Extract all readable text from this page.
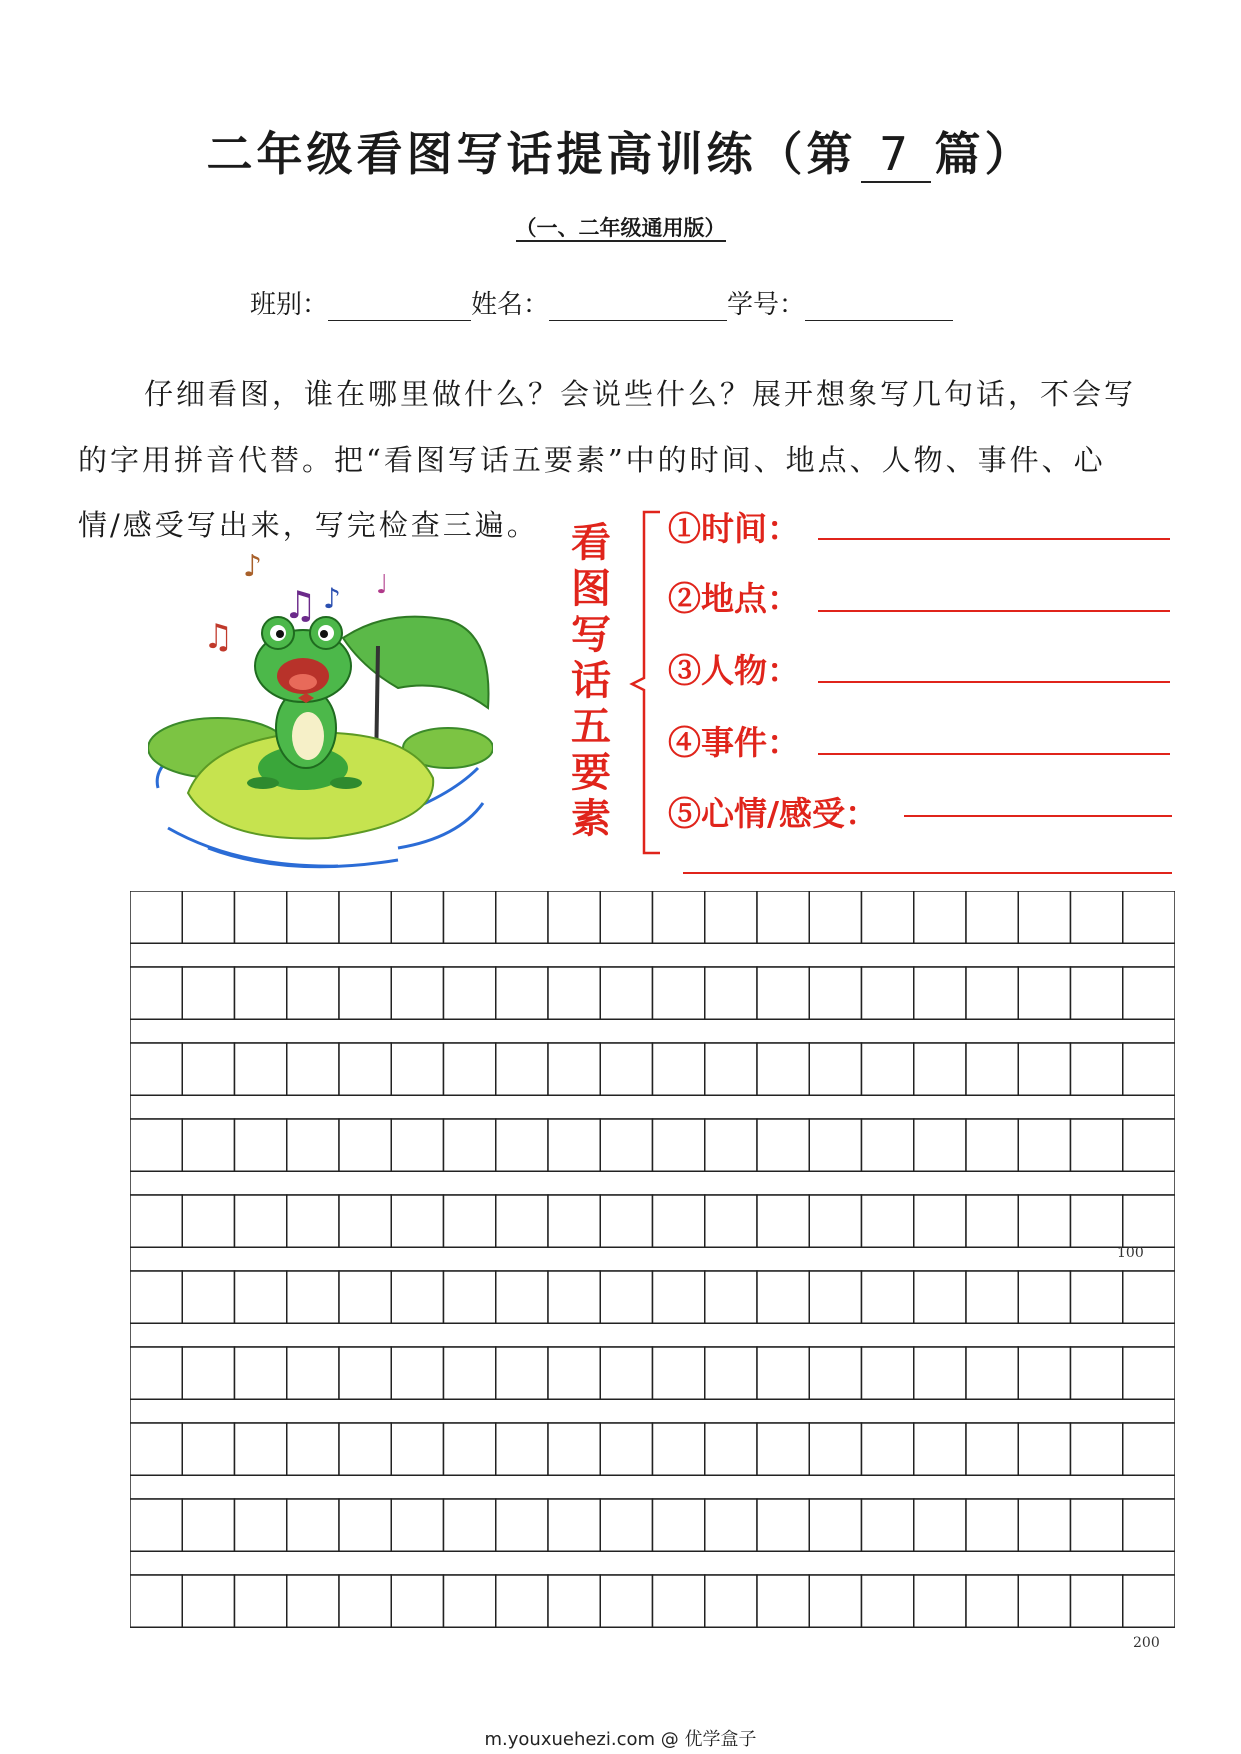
二年级看图写话提高训练（第 7 篇）
（一、二年级通用版）
班别：	姓名：	学号：
仔细看图，谁在哪里做什么？会说些什么？展开想象写几句话，不会写
的字用拼音代替。把“看图写话五要素”中的时间、地点、人物、事件、心
情/感受写出来，写完检查三遍。
♫
♫ ♪
♪
♩
看
图
写
话
五
要
素
①时间：
②地点：
③人物：
④事件：
⑤心情/感受：
100
200
m.youxuehezi.com @ 优学盒子
